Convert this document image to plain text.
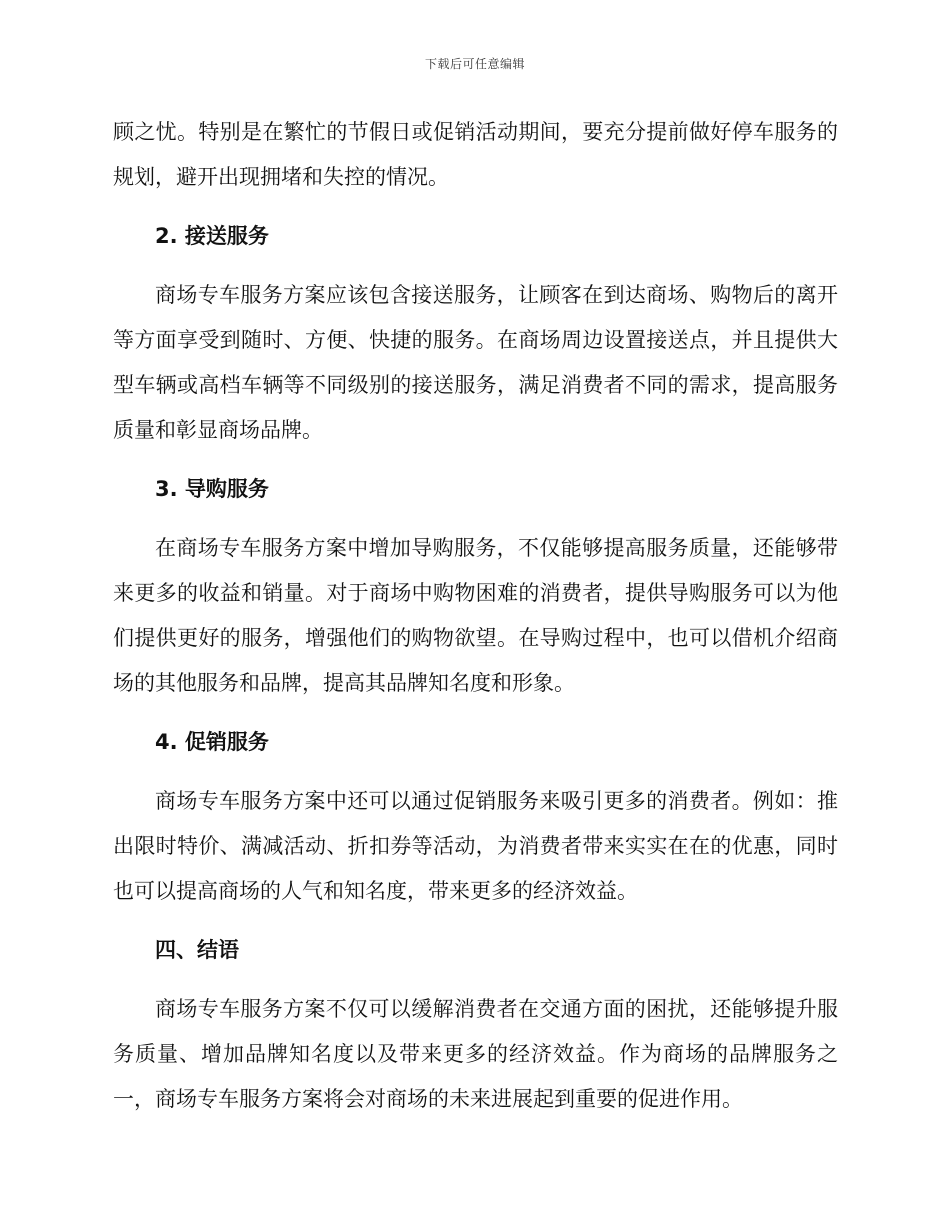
下载后可任意编辑

顾之忧。特别是在繁忙的节假日或促销活动期间，要充分提前做好停车服务的规划，避开出现拥堵和失控的情况。

2. 接送服务

商场专车服务方案应该包含接送服务，让顾客在到达商场、购物后的离开等方面享受到随时、方便、快捷的服务。在商场周边设置接送点，并且提供大型车辆或高档车辆等不同级别的接送服务，满足消费者不同的需求，提高服务质量和彰显商场品牌。

3. 导购服务

在商场专车服务方案中增加导购服务，不仅能够提高服务质量，还能够带来更多的收益和销量。对于商场中购物困难的消费者，提供导购服务可以为他们提供更好的服务，增强他们的购物欲望。在导购过程中，也可以借机介绍商场的其他服务和品牌，提高其品牌知名度和形象。

4. 促销服务

商场专车服务方案中还可以通过促销服务来吸引更多的消费者。例如：推出限时特价、满减活动、折扣券等活动，为消费者带来实实在在的优惠，同时也可以提高商场的人气和知名度，带来更多的经济效益。

四、结语

商场专车服务方案不仅可以缓解消费者在交通方面的困扰，还能够提升服务质量、增加品牌知名度以及带来更多的经济效益。作为商场的品牌服务之一，商场专车服务方案将会对商场的未来进展起到重要的促进作用。
